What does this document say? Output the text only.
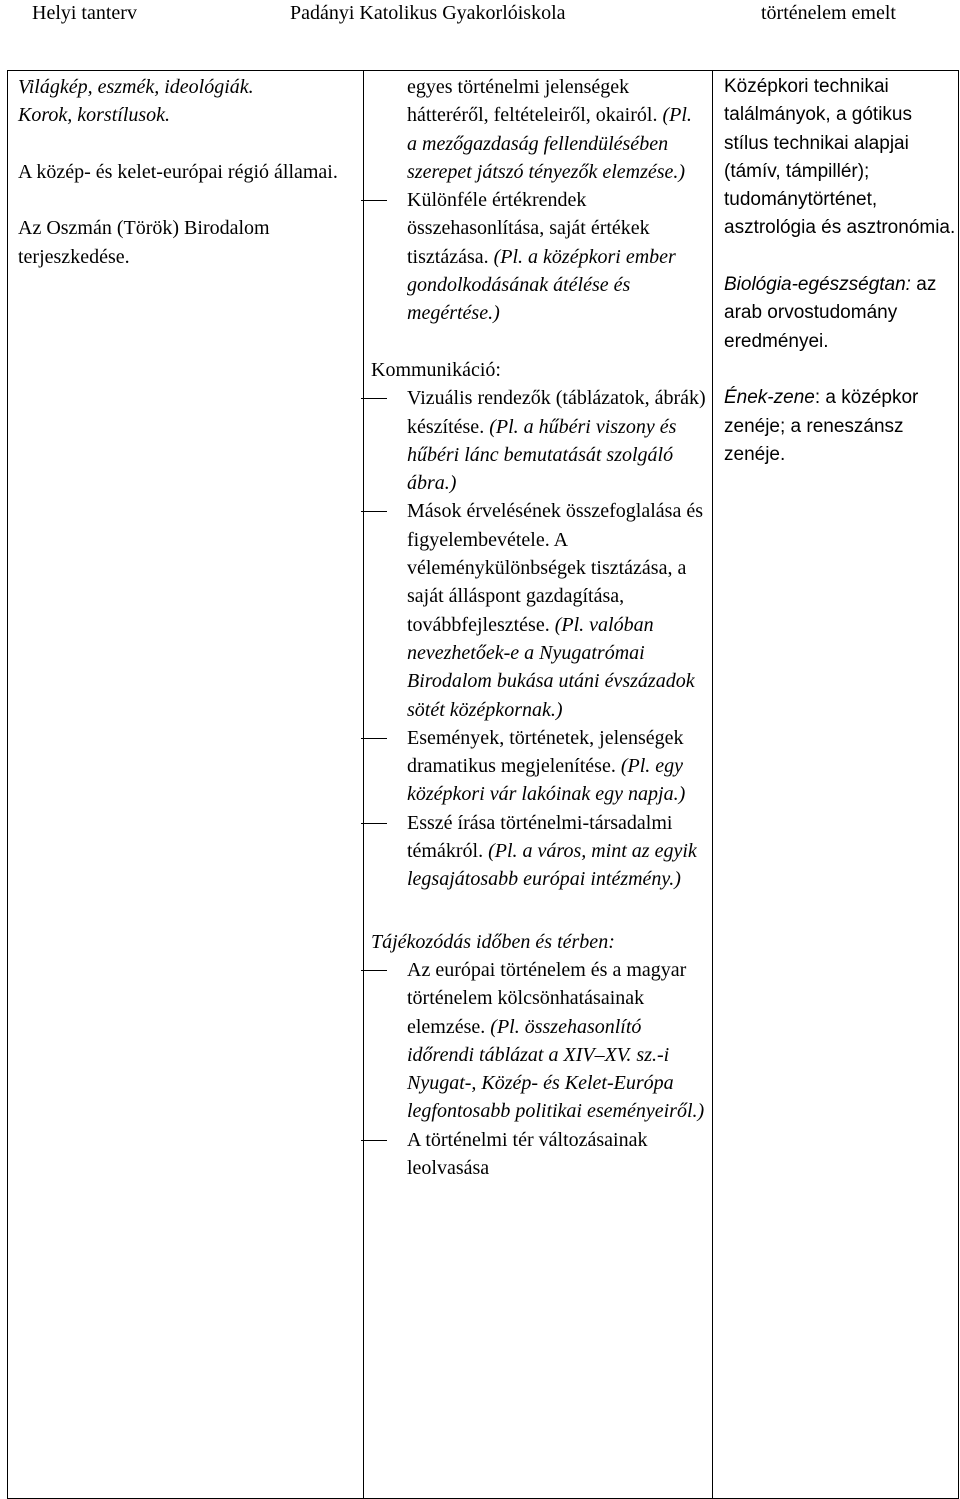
Helyi tanterv	Padányi Katolikus Gyakorlóiskola	történelem emelt
Világkép, eszmék, ideológiák.
Korok, korstílusok.
A közép- és kelet-európai régió államai.
Az Oszmán (Török) Birodalom terjeszkedése.
egyes történelmi jelenségek hátteréről, feltételeiről, okairól. (Pl. a mezőgazdaság fellendülésében szerepet játszó tényezők elemzése.)
Különféle értékrendek összehasonlítása, saját értékek tisztázása. (Pl. a középkori ember gondolkodásának átélése és megértése.)
Kommunikáció:
Vizuális rendezők (táblázatok, ábrák) készítése. (Pl. a hűbéri viszony és hűbéri lánc bemutatását szolgáló ábra.)
Mások érvelésének összefoglalása és figyelembevétele. A véleménykülönbségek tisztázása, a saját álláspont gazdagítása, továbbfejlesztése. (Pl. valóban nevezhetőek-e a Nyugatrómai Birodalom bukása utáni évszázadok sötét középkornak.)
Események, történetek, jelenségek dramatikus megjelenítése. (Pl. egy középkori vár lakóinak egy napja.)
Esszé írása történelmi-társadalmi témákról. (Pl. a város, mint az egyik legsajátosabb európai intézmény.)
Tájékozódás időben és térben:
Az európai történelem és a magyar történelem kölcsönhatásainak elemzése. (Pl. összehasonlító időrendi táblázat a XIV–XV. sz.-i Nyugat-, Közép- és Kelet-Európa legfontosabb politikai eseményeiről.)
A történelmi tér változásainak leolvasása

Középkori technikai találmányok, a gótikus stílus technikai alapjai (támív, támpillér); tudománytörténet, asztrológia és asztronómia.

Biológia-egészségtan: az arab orvostudomány eredményei.

Ének-zene: a középkor zenéje; a reneszánsz zenéje.
